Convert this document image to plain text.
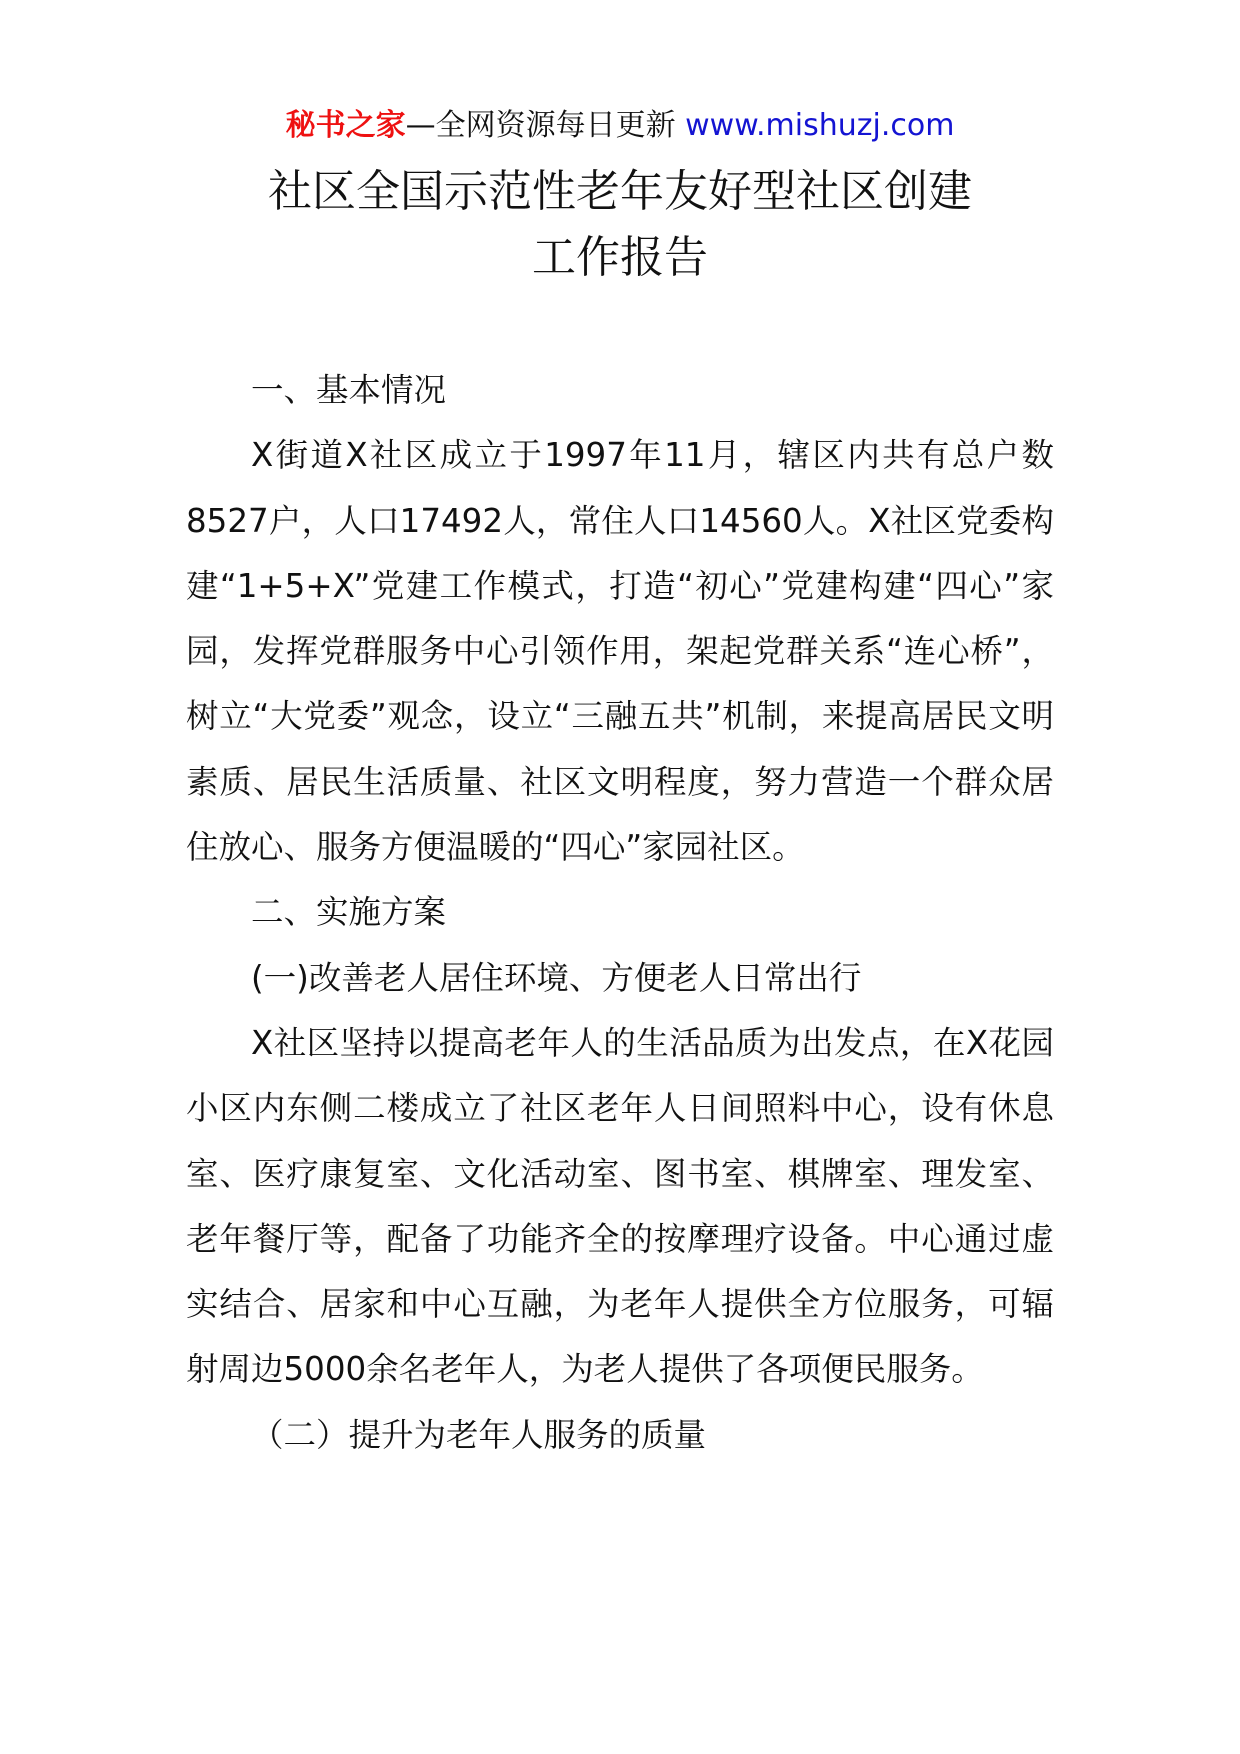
秘书之家—全网资源每日更新 www.mishuzj.com
社区全国示范性老年友好型社区创建
工作报告

一、基本情况

X街道X社区成立于1997年11月，辖区内共有总户数8527户，人口17492人，常住人口14560人。X社区党委构建“1+5+X”党建工作模式，打造“初心”党建构建“四心”家园，发挥党群服务中心引领作用，架起党群关系“连心桥”，树立“大党委”观念，设立“三融五共”机制，来提高居民文明素质、居民生活质量、社区文明程度，努力营造一个群众居住放心、服务方便温暖的“四心”家园社区。

二、实施方案

(一)改善老人居住环境、方便老人日常出行

X社区坚持以提高老年人的生活品质为出发点，在X花园小区内东侧二楼成立了社区老年人日间照料中心，设有休息室、医疗康复室、文化活动室、图书室、棋牌室、理发室、老年餐厅等，配备了功能齐全的按摩理疗设备。中心通过虚实结合、居家和中心互融，为老年人提供全方位服务，可辐射周边5000余名老年人，为老人提供了各项便民服务。

（二）提升为老年人服务的质量
